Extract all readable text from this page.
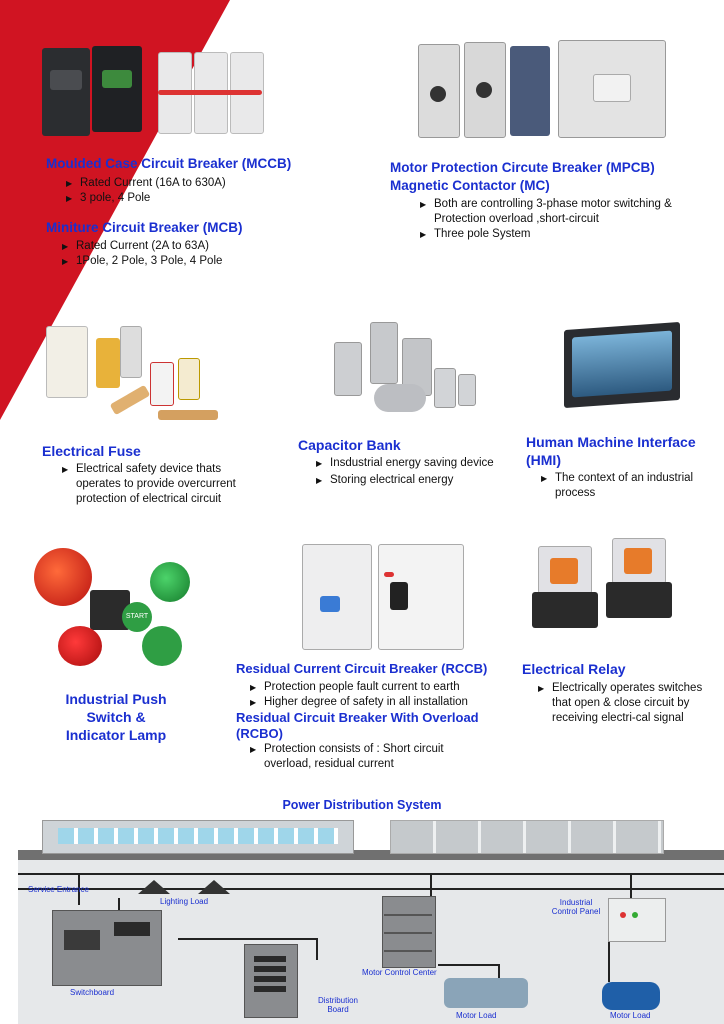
Moulded Case Circuit Breaker (MCCB)
▶ Rated Current (16A to 630A)
▶ 3 pole, 4 Pole
Miniture Circuit Breaker (MCB)
▶ Rated Current (2A to 63A)
▶ 1Pole, 2 Pole, 3 Pole, 4 Pole
Motor Protection Circute Breaker (MPCB)
Magnetic Contactor (MC)
▶ Both are controlling 3-phase motor switching & Protection overload ,short-circuit
▶ Three pole System
Electrical Fuse
▶ Electrical safety device thats operates to provide overcurrent protection of electrical circuit
Capacitor Bank
▶ Insdustrial energy saving device
▶ Storing electrical energy
Human Machine Interface (HMI)
▶ The context of an industrial process
START
Industrial Push Switch & Indicator Lamp
Residual Current Circuit Breaker (RCCB)
▶ Protection people fault current to earth
▶ Higher degree of safety in all installation
Residual Circuit Breaker With Overload (RCBO)
▶ Protection consists of : Short circuit overload, residual current
Electrical Relay
▶ Electrically operates switches that open & close circuit by receiving electri-cal signal
Power Distribution System
Service Entrance
Lighting Load
Switchboard
Distribution Board
Motor Control Center
Motor Load
Industrial Control Panel
Motor Load
